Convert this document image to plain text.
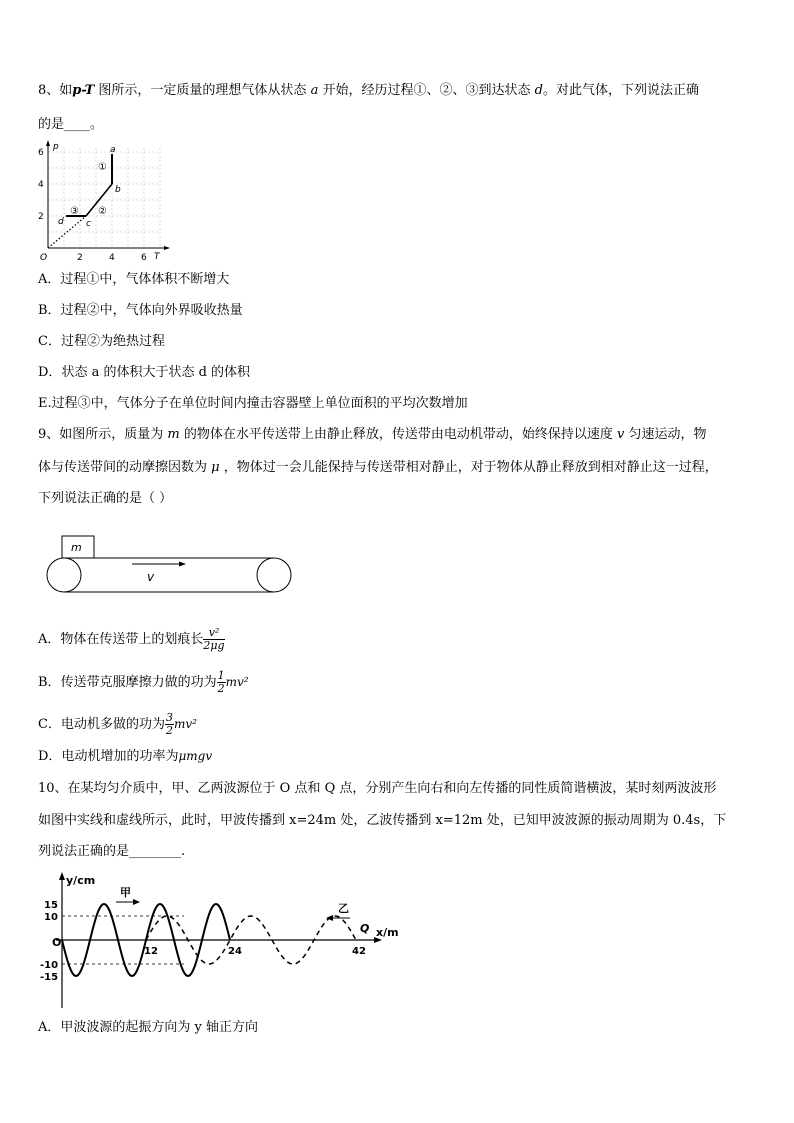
8、如p-T 图所示，一定质量的理想气体从状态 a 开始，经历过程①、②、③到达状态 d。对此气体，下列说法正确
的是____。
p
T
O	2	4	6
2
4
6	a
b
c
d
①
②
③
A．过程①中，气体体积不断增大
B．过程②中，气体向外界吸收热量
C．过程②为绝热过程
D．状态 a 的体积大于状态 d 的体积
E.过程③中，气体分子在单位时间内撞击容器壁上单位面积的平均次数增加
9、如图所示，质量为 m 的物体在水平传送带上由静止释放，传送带由电动机带动，始终保持以速度 v 匀速运动，物
体与传送带间的动摩擦因数为 μ ，物体过一会儿能保持与传送带相对静止，对于物体从静止释放到相对静止这一过程，
下列说法正确的是（ ）
m
v
A．物体在传送带上的划痕长 $\frac{\text{v²}}{2\mu g}$
B．传送带克服摩擦力做的功为 $\frac{1}{2} mv^2$
C．电动机多做的功为 $\frac{3}{2} mv^2$
D．电动机增加的功率为μmgv
10、在某均匀介质中，甲、乙两波源位于 O 点和 Q 点，分别产生向右和向左传播的同性质简谐横波，某时刻两波波形
如图中实线和虚线所示，此时，甲波传播到 x=24m 处，乙波传播到 x=12m 处，已知甲波波源的振动周期为 0.4s，下
列说法正确的是________.
y/cm
x/m
O
15
10
-10
-15
12	24	42
甲
乙
Q
A．甲波波源的起振方向为 y 轴正方向
